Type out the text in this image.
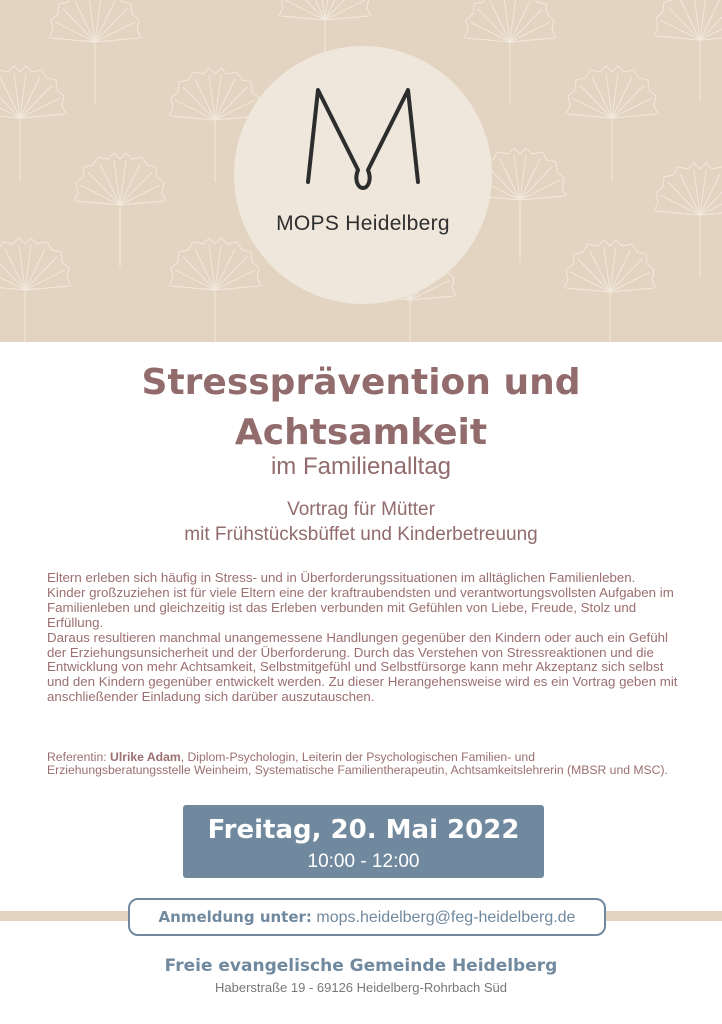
MOPS Heidelberg
Stressprävention und
Achtsamkeit
im Familienalltag
Vortrag für Mütter
mit Frühstücksbüffet und Kinderbetreuung

Eltern erleben sich häufig in Stress- und in Überforderungssituationen im alltäglichen Familienleben.

Kinder großzuziehen ist für viele Eltern eine der kraftraubendsten und verantwortungsvollsten Aufgaben im Familienleben und gleichzeitig ist das Erleben verbunden mit Gefühlen von Liebe, Freude, Stolz und Erfüllung.

Daraus resultieren manchmal unangemessene Handlungen gegenüber den Kindern oder auch ein Gefühl der Erziehungsunsicherheit und der Überforderung. Durch das Verstehen von Stressreaktionen und die Entwicklung von mehr Achtsamkeit, Selbstmitgefühl und Selbstfürsorge kann mehr Akzeptanz sich selbst und den Kindern gegenüber entwickelt werden. Zu dieser Herangehensweise wird es ein Vortrag geben mit anschließender Einladung sich darüber auszutauschen.

Referentin: Ulrike Adam, Diplom-Psychologin, Leiterin der Psychologischen Familien- und Erziehungsberatungsstelle Weinheim, Systematische Familientherapeutin, Achtsamkeitslehrerin (MBSR und MSC).
Freitag, 20. Mai 2022
10:00 - 12:00
Anmeldung unter: mops.heidelberg@feg-heidelberg.de
Freie evangelische Gemeinde Heidelberg
Haberstraße 19 - 69126 Heidelberg-Rohrbach Süd
